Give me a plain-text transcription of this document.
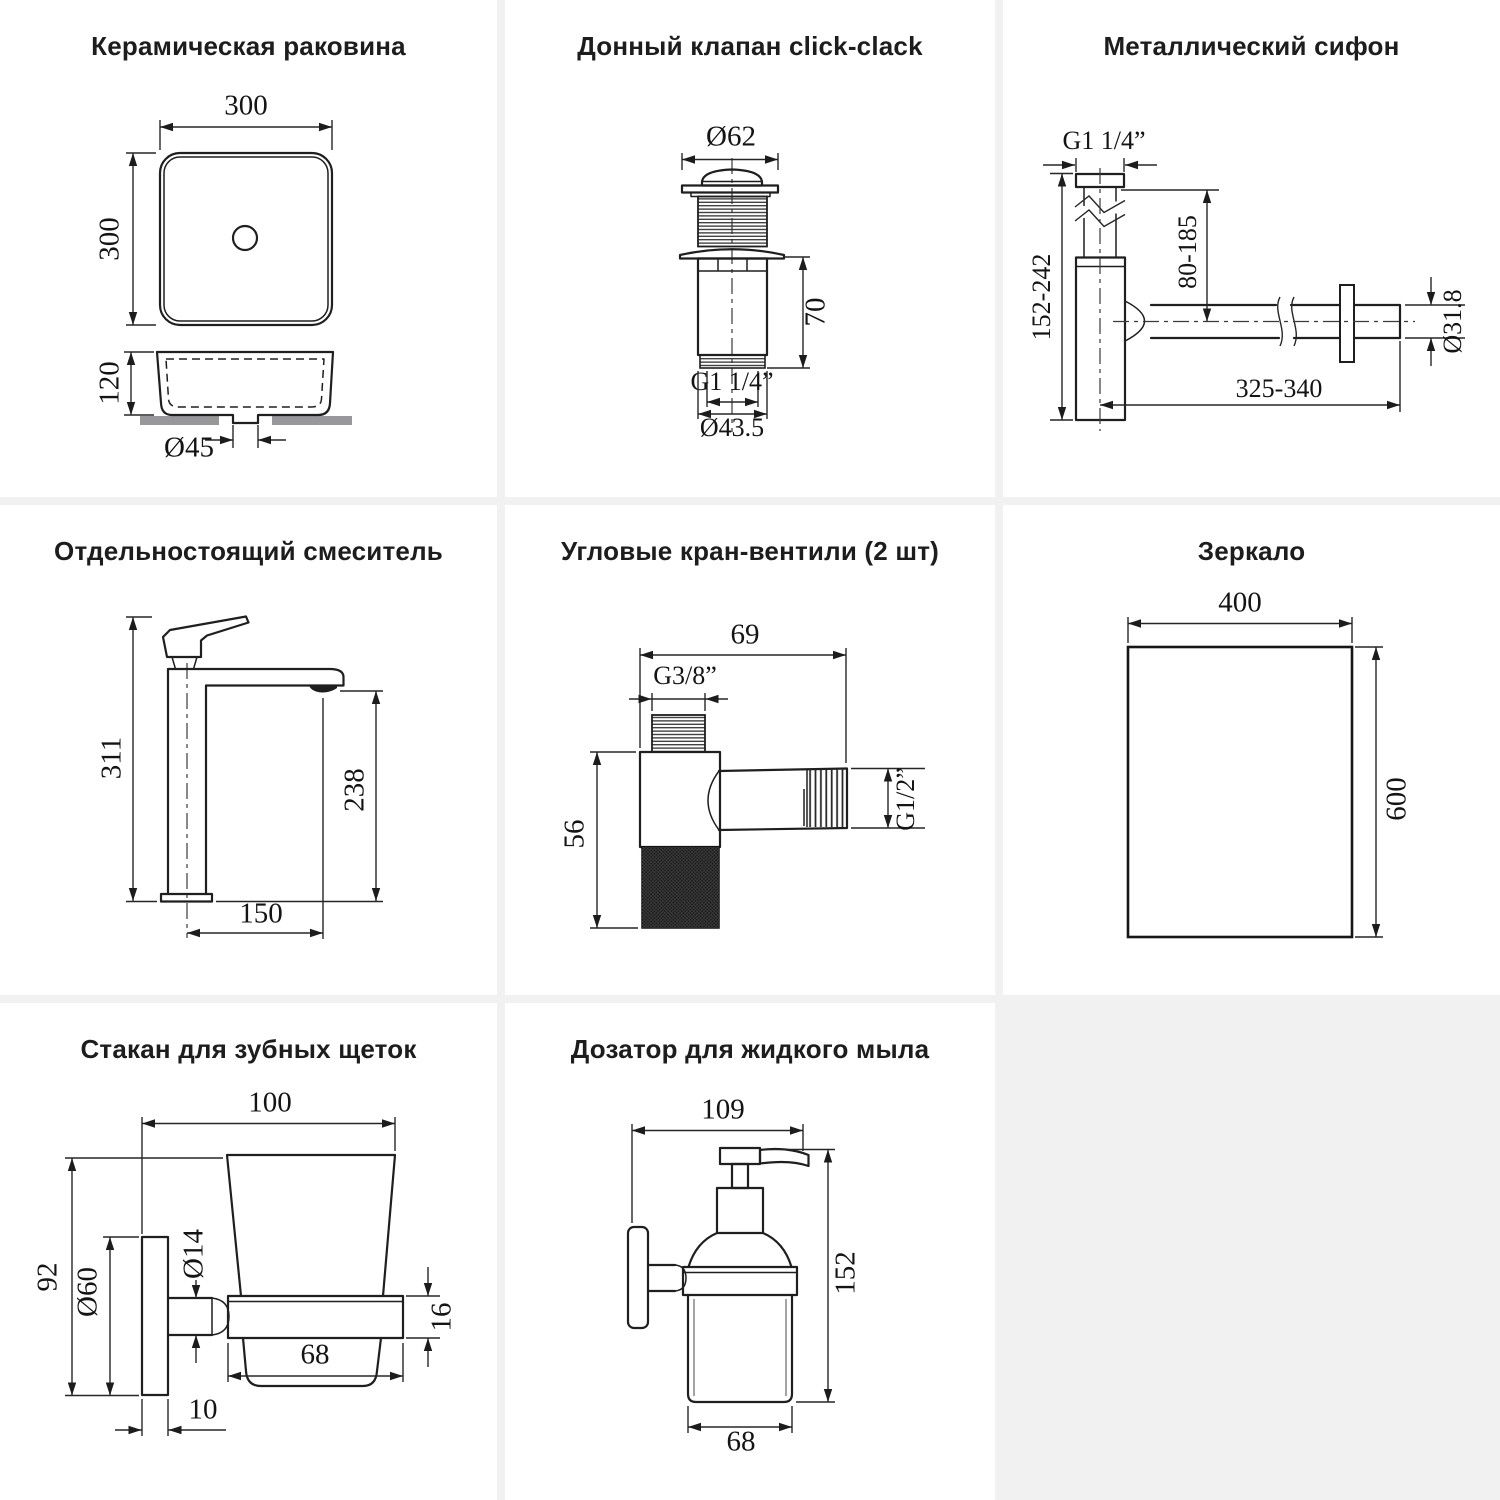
Керамическая раковина
300
300
120
Ø45
Донный клапан click-clack
Ø62
70
G1 1/4”
Ø43.5
Металлический сифон
G1 1/4”
152-242
80-185
Ø31.8
325-340
Отдельностоящий смеситель
311
238
150
Угловые кран-вентили (2 шт)
69
G3/8”
56
G1/2”
Зеркало
400
600
Стакан для зубных щеток
100
92 Ø60
Ø14
16
68
10
Дозатор для жидкого мыла
109
152
68
